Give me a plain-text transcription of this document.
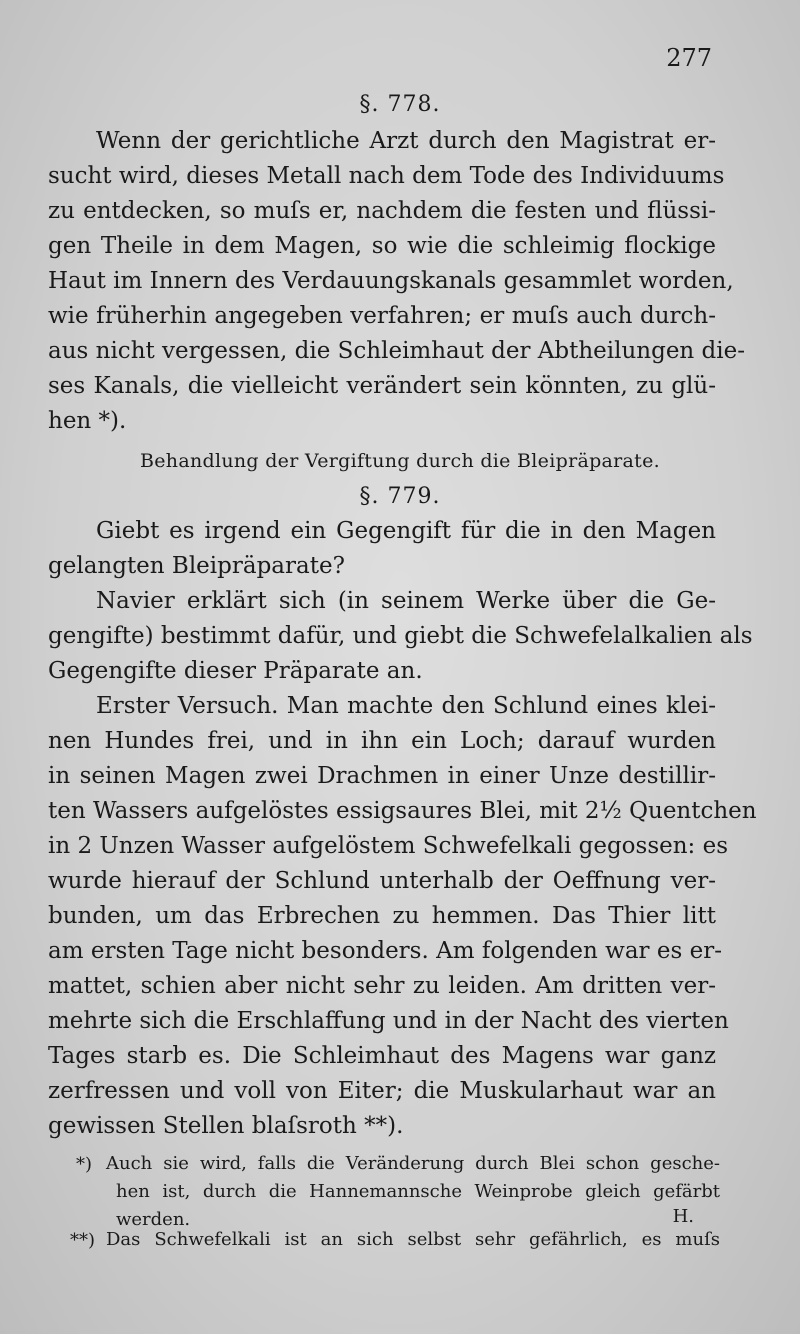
277
§. 778.
Wenn der gerichtliche Arzt durch den Magistrat er-
sucht wird, dieses Metall nach dem Tode des Individuums
zu entdecken, so muſs er, nachdem die festen und flüssi-
gen Theile in dem Magen, so wie die schleimig flockige
Haut im Innern des Verdauungskanals gesammlet worden,
wie früherhin angegeben verfahren; er muſs auch durch-
aus nicht vergessen, die Schleimhaut der Abtheilungen die-
ses Kanals, die vielleicht verändert sein könnten, zu glü-
hen *).
Behandlung der Vergiftung durch die Bleipräparate.
§. 779.
Giebt es irgend ein Gegengift für die in den Magen
gelangten Bleipräparate?
Navier erklärt sich (in seinem Werke über die Ge-
gengifte) bestimmt dafür, und giebt die Schwefelalkalien als
Gegengifte dieser Präparate an.
Erster Versuch. Man machte den Schlund eines klei-
nen Hundes frei, und in ihn ein Loch; darauf wurden
in seinen Magen zwei Drachmen in einer Unze destillir-
ten Wassers aufgelöstes essigsaures Blei, mit 2½ Quentchen
in 2 Unzen Wasser aufgelöstem Schwefelkali gegossen: es
wurde hierauf der Schlund unterhalb der Oeffnung ver-
bunden, um das Erbrechen zu hemmen. Das Thier litt
am ersten Tage nicht besonders. Am folgenden war es er-
mattet, schien aber nicht sehr zu leiden. Am dritten ver-
mehrte sich die Erschlaffung und in der Nacht des vierten
Tages starb es. Die Schleimhaut des Magens war ganz
zerfressen und voll von Eiter; die Muskularhaut war an
gewissen Stellen blaſsroth **).
*) Auch sie wird, falls die Veränderung durch Blei schon gesche-
hen ist, durch die Hannemannsche Weinprobe gleich gefärbt
werden.	H.
**) Das Schwefelkali ist an sich selbst sehr gefährlich, es muſs
